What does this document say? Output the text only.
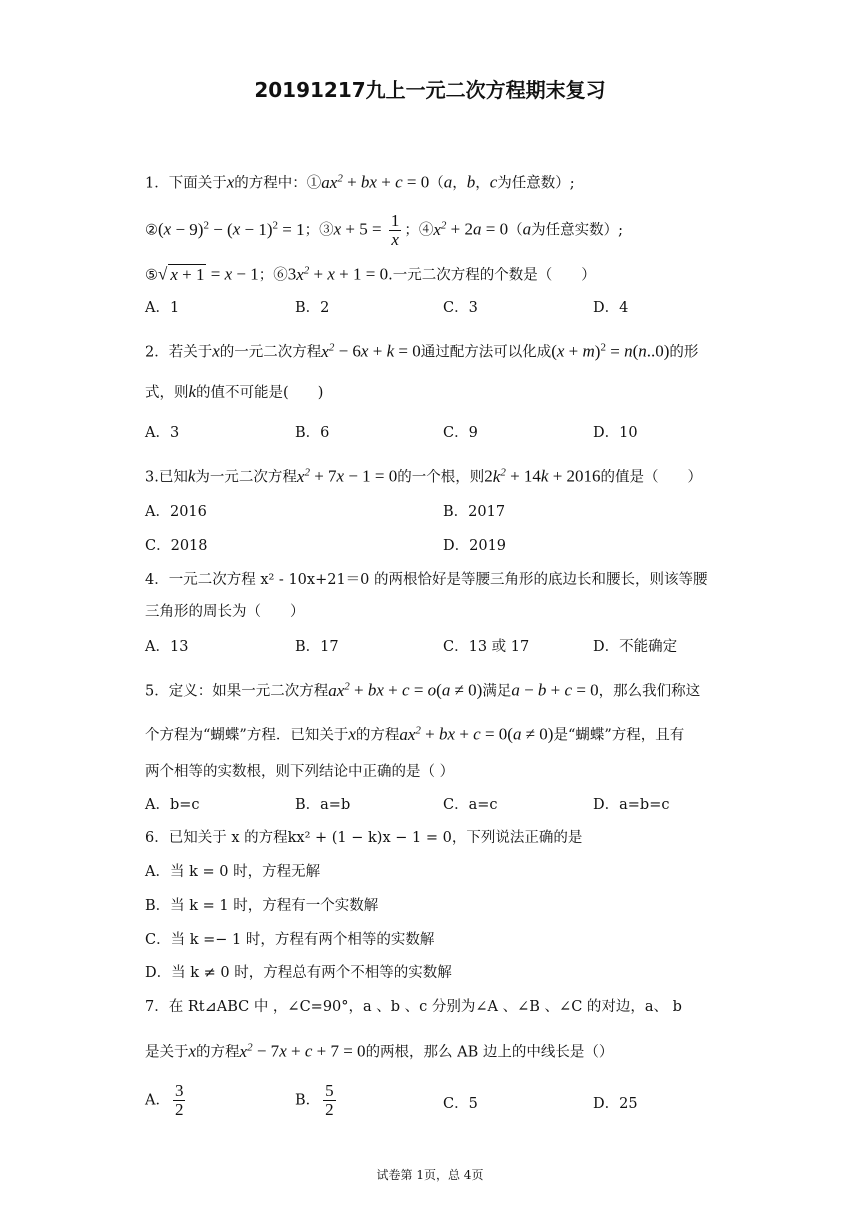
20191217九上一元二次方程期末复习
1．下面关于x的方程中：$①ax^2$ + bx + c = 0（a，b，c为任意数）;
②(x − $9)^2 - (x - 1)^2 = 1$；③x + $5 = \frac{1}{x}$ ；$④x^2 + 2a = 0(a$为任意实数）;
⑤√ x + 1 = x − 1；$⑥3x^2 + x + 1 = 0$.一元二次方程的个数是（　　）
A．1	B．2	C．3	D．4
2．若关于x的一元二次方程$x^2 - 6x + k = 0$通过配方法可以化成$(x + m)^2 = n(n..0)$的形
式，则k的值不可能是(　　)
A．3	B．6	C．9	D．10
3.已知k为一元二次方程$x^2 + 7x - 1 = 0$的一个根，则$2k^2 + 14k + 2016$的值是（　　）
A．2016	B．2017
C．2018	D．2019
4．一元二次方程 x² - 10x+21＝0 的两根恰好是等腰三角形的底边长和腰长，则该等腰
三角形的周长为（　　）
A．13	B．17	C．13 或 17	D．不能确定
5．定义：如果一元二次方程$ax^2$ + bx + c = o(a ≠ 0)满足a − b + c = 0，那么我们称这
个方程为“蝴蝶”方程．已知关于x的方程$ax^2$ + bx + c = 0(a ≠ 0)是“蝴蝶”方程，且有
两个相等的实数根，则下列结论中正确的是（ ）
A．b=c	B．a=b	C．a=c	D．a=b=c
6．已知关于 x 的方程kx² + (1 − k)x − 1 = 0，下列说法正确的是
A．当 k = 0 时，方程无解
B．当 k = 1 时，方程有一个实数解
C．当 k =− 1 时，方程有两个相等的实数解
D．当 k ≠ 0 时，方程总有两个不相等的实数解
7．在 Rt⊿ABC 中 ，∠C=90°，a 、b 、c 分别为∠A 、∠B 、∠C 的对边，a、 b
是关于x的方程$x^2 - 7x + c + 7 = 0$的两根，那么 AB 边上的中线长是（）
A． $\frac{3}{2}$	B． $\frac{5}{2}$	C．5	D．25
试卷第 1页，总 4页
